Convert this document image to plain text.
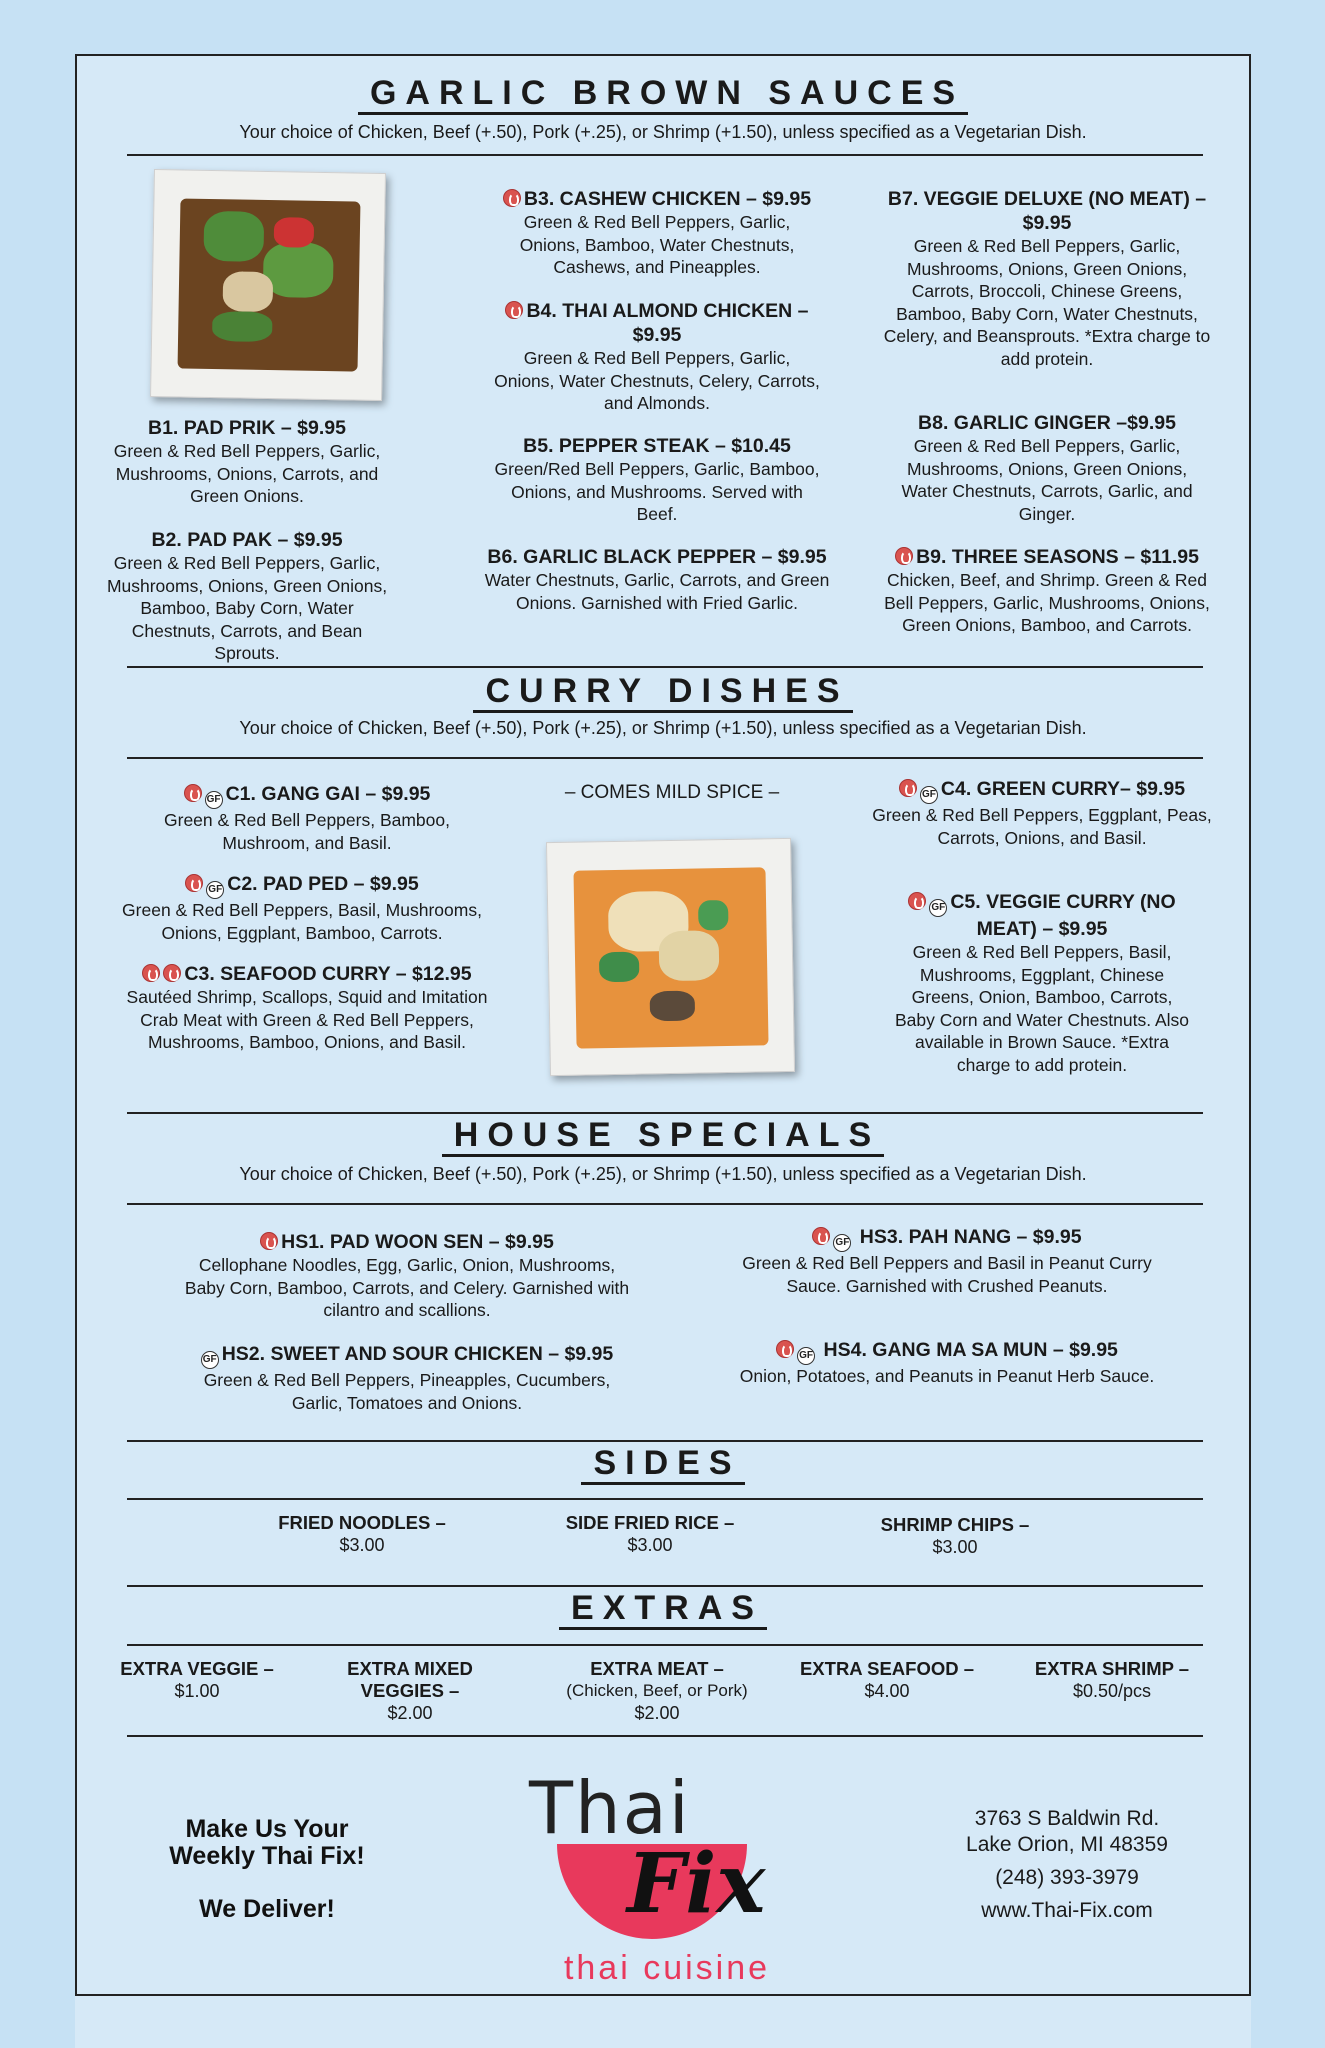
GARLIC BROWN SAUCES
Your choice of Chicken, Beef (+.50), Pork (+.25), or Shrimp (+1.50), unless specified as a Vegetarian Dish.
B1. PAD PRIK – $9.95
Green & Red Bell Peppers, Garlic, Mushrooms, Onions, Carrots, and Green Onions.
B2. PAD PAK – $9.95
Green & Red Bell Peppers, Garlic, Mushrooms, Onions, Green Onions, Bamboo, Baby Corn, Water Chestnuts, Carrots, and Bean Sprouts.
B3. CASHEW CHICKEN – $9.95
Green & Red Bell Peppers, Garlic, Onions, Bamboo, Water Chestnuts, Cashews, and Pineapples.
B4. THAI ALMOND CHICKEN – $9.95
Green & Red Bell Peppers, Garlic, Onions, Water Chestnuts, Celery, Carrots, and Almonds.
B5. PEPPER STEAK – $10.45
Green/Red Bell Peppers, Garlic, Bamboo, Onions, and Mushrooms. Served with Beef.
B6. GARLIC BLACK PEPPER – $9.95
Water Chestnuts, Garlic, Carrots, and Green Onions. Garnished with Fried Garlic.
B7. VEGGIE DELUXE (NO MEAT) – $9.95
Green & Red Bell Peppers, Garlic, Mushrooms, Onions, Green Onions, Carrots, Broccoli, Chinese Greens, Bamboo, Baby Corn, Water Chestnuts, Celery, and Beansprouts. *Extra charge to add protein.
B8. GARLIC GINGER –$9.95
Green & Red Bell Peppers, Garlic, Mushrooms, Onions, Green Onions, Water Chestnuts, Carrots, Garlic, and Ginger.
B9. THREE SEASONS – $11.95
Chicken, Beef, and Shrimp. Green & Red Bell Peppers, Garlic, Mushrooms, Onions, Green Onions, Bamboo, and Carrots.
CURRY DISHES
Your choice of Chicken, Beef (+.50), Pork (+.25), or Shrimp (+1.50), unless specified as a Vegetarian Dish.
GF C1. GANG GAI – $9.95
Green & Red Bell Peppers, Bamboo, Mushroom, and Basil.
GF C2. PAD PED – $9.95
Green & Red Bell Peppers, Basil, Mushrooms, Onions, Eggplant, Bamboo, Carrots.
C3. SEAFOOD CURRY – $12.95
Sautéed Shrimp, Scallops, Squid and Imitation Crab Meat with Green & Red Bell Peppers, Mushrooms, Bamboo, Onions, and Basil.
– COMES MILD SPICE –	GF C4. GREEN CURRY– $9.95
Green & Red Bell Peppers, Eggplant, Peas, Carrots, Onions, and Basil.
GF C5. VEGGIE CURRY (NO MEAT) – $9.95
Green & Red Bell Peppers, Basil, Mushrooms, Eggplant, Chinese Greens, Onion, Bamboo, Carrots, Baby Corn and Water Chestnuts. Also available in Brown Sauce. *Extra charge to add protein.
HOUSE SPECIALS
Your choice of Chicken, Beef (+.50), Pork (+.25), or Shrimp (+1.50), unless specified as a Vegetarian Dish.
HS1. PAD WOON SEN – $9.95
Cellophane Noodles, Egg, Garlic, Onion, Mushrooms, Baby Corn, Bamboo, Carrots, and Celery. Garnished with cilantro and scallions.
GF HS2. SWEET AND SOUR CHICKEN – $9.95
Green & Red Bell Peppers, Pineapples, Cucumbers, Garlic, Tomatoes and Onions.
GF HS3. PAH NANG – $9.95
Green & Red Bell Peppers and Basil in Peanut Curry Sauce. Garnished with Crushed Peanuts.
GF HS4. GANG MA SA MUN – $9.95
Onion, Potatoes, and Peanuts in Peanut Herb Sauce.
SIDES
FRIED NOODLES –
$3.00
SIDE FRIED RICE –
$3.00
SHRIMP CHIPS –
$3.00
EXTRAS
EXTRA VEGGIE –
$1.00
EXTRA MIXED VEGGIES –
$2.00
EXTRA MEAT –
(Chicken, Beef, or Pork)
$2.00
EXTRA SEAFOOD –
$4.00
EXTRA SHRIMP –
$0.50/pcs
Make Us Your
Weekly Thai Fix!
We Deliver!
Thai
Fix
thai cuisine
3763 S Baldwin Rd.
Lake Orion, MI 48359
(248) 393-3979
www.Thai-Fix.com
